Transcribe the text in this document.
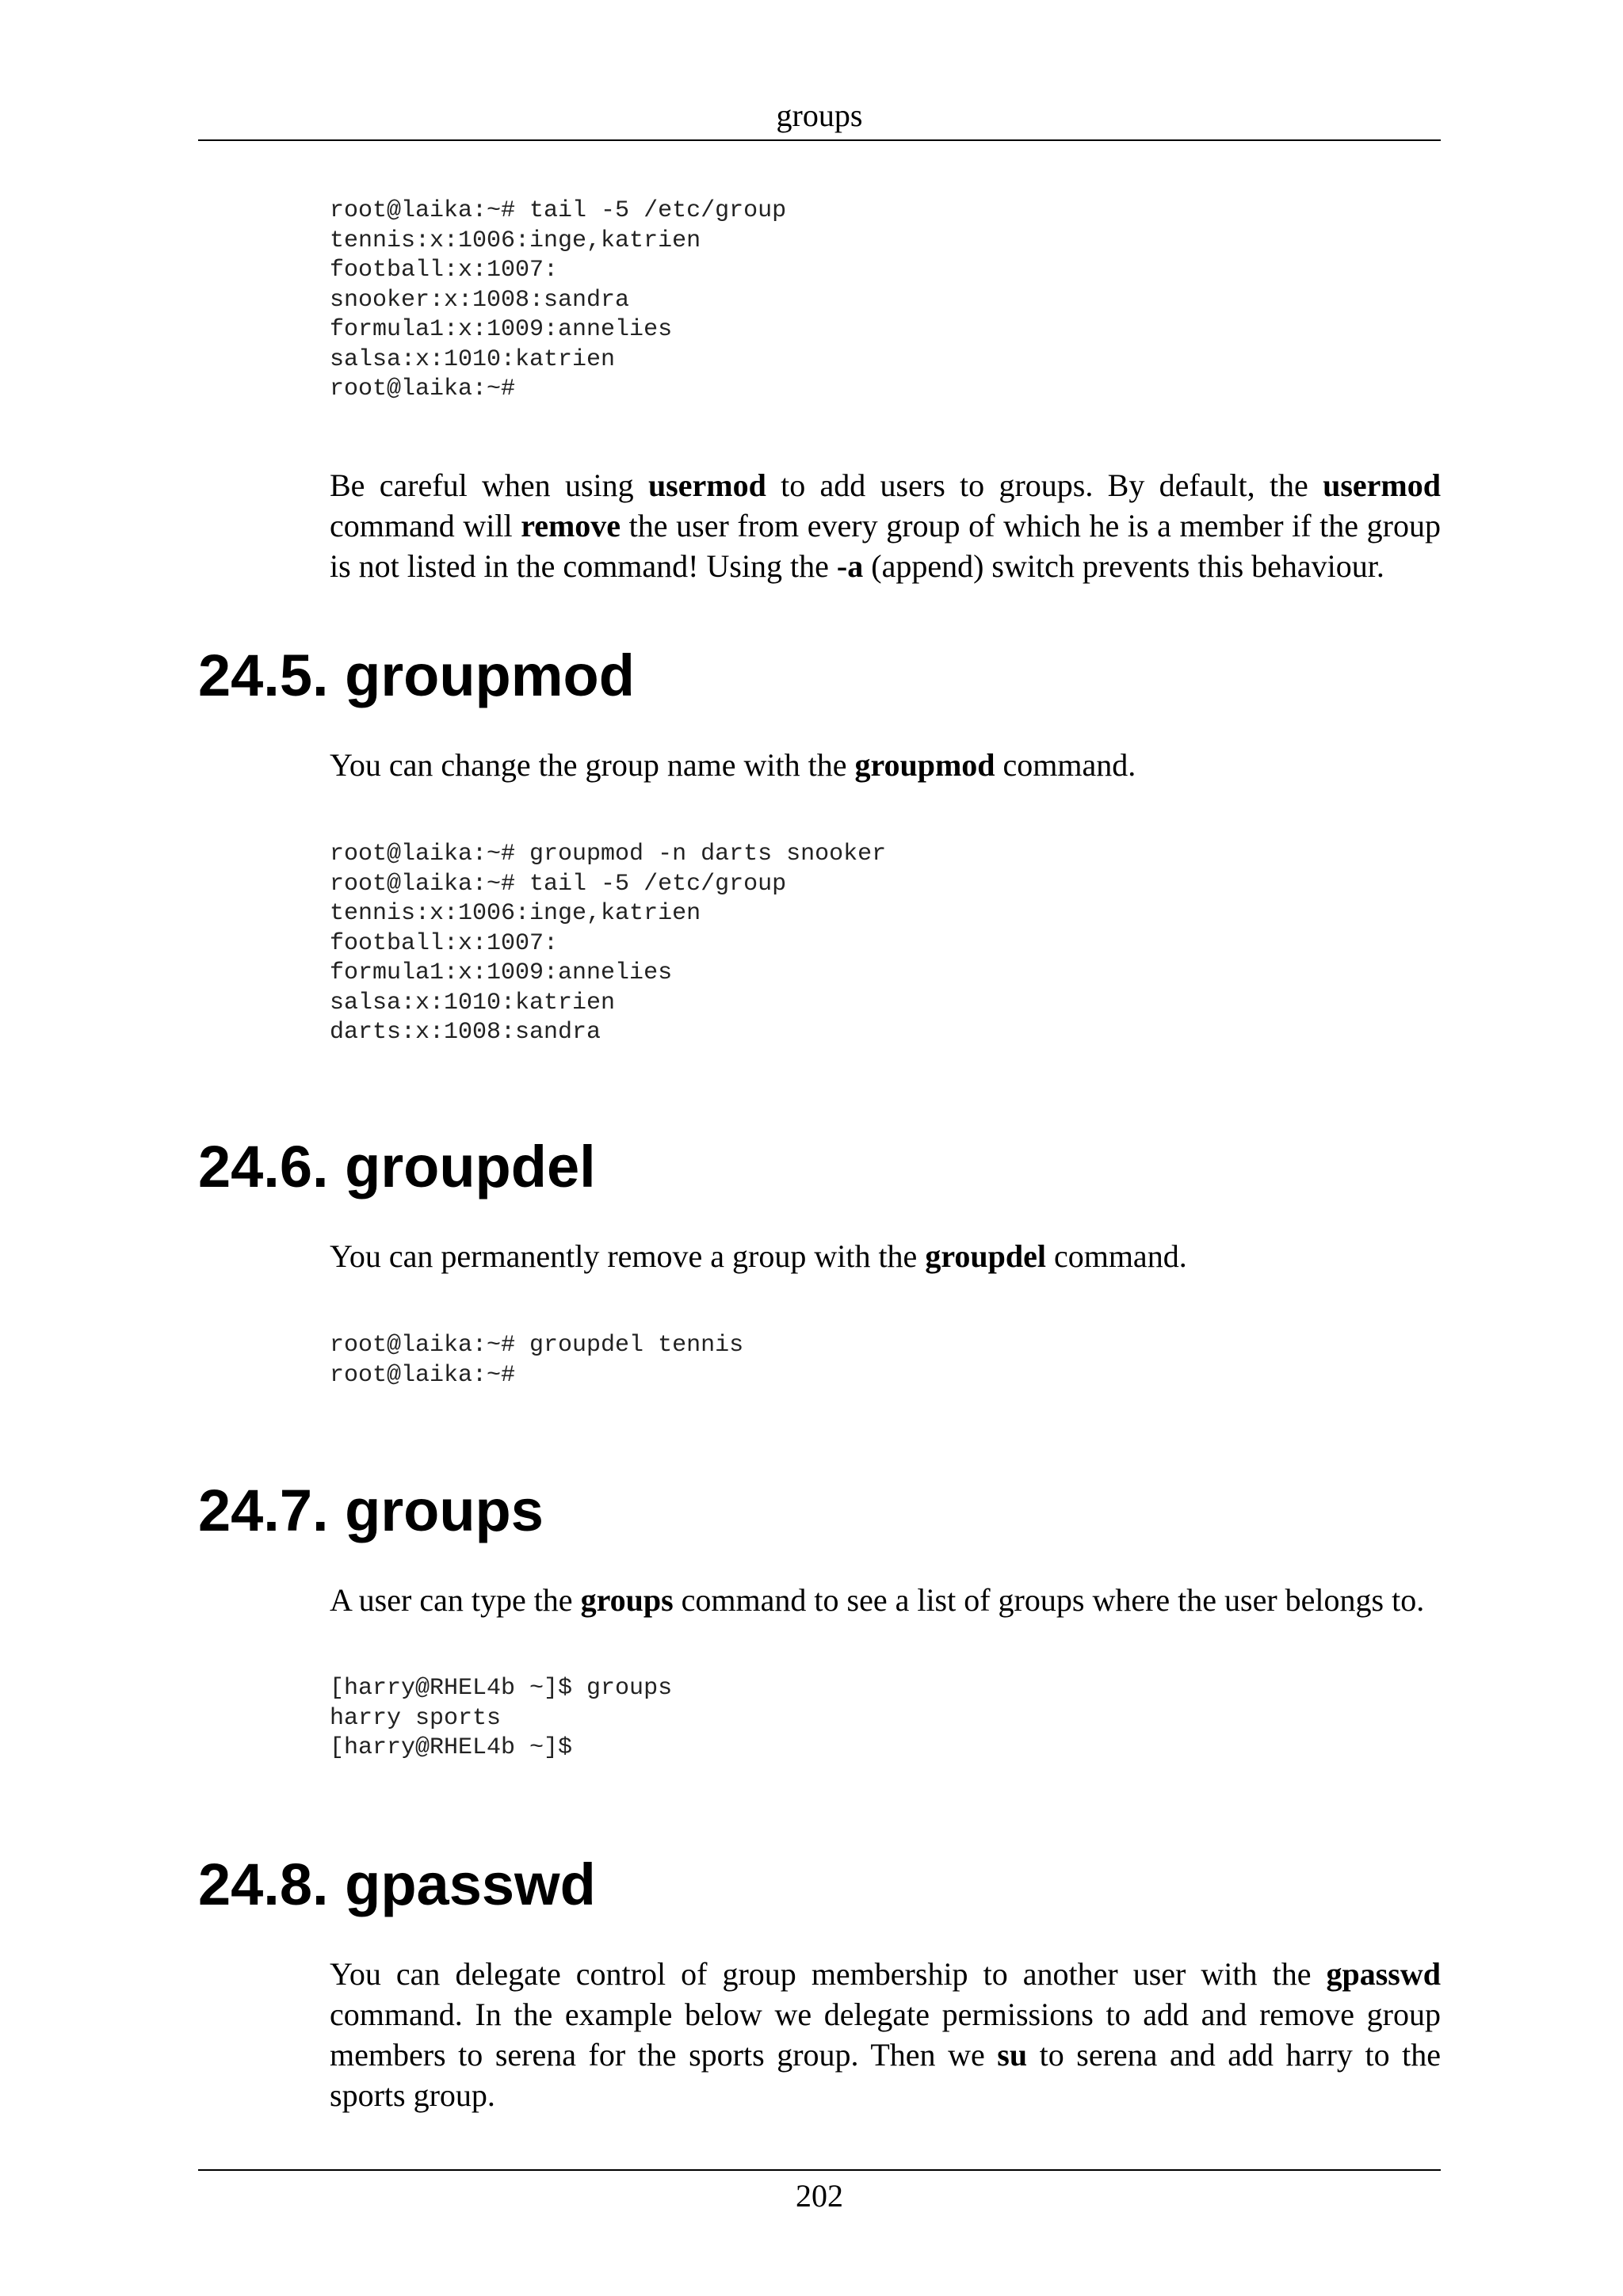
groups
root@laika:~# tail -5 /etc/group
tennis:x:1006:inge,katrien
football:x:1007:
snooker:x:1008:sandra
formula1:x:1009:annelies
salsa:x:1010:katrien
root@laika:~#

Be careful when using usermod to add users to groups. By default, the usermod command will remove the user from every group of which he is a member if the group is not listed in the command! Using the -a (append) switch prevents this behaviour.

24.5. groupmod

You can change the group name with the groupmod command.

root@laika:~# groupmod -n darts snooker
root@laika:~# tail -5 /etc/group
tennis:x:1006:inge,katrien
football:x:1007:
formula1:x:1009:annelies
salsa:x:1010:katrien
darts:x:1008:sandra
24.6. groupdel

You can permanently remove a group with the groupdel command.

root@laika:~# groupdel tennis
root@laika:~#
24.7. groups

A user can type the groups command to see a list of groups where the user belongs to.

[harry@RHEL4b ~]$ groups
harry sports
[harry@RHEL4b ~]$
24.8. gpasswd

You can delegate control of group membership to another user with the gpasswd command. In the example below we delegate permissions to add and remove group members to serena for the sports group. Then we su to serena and add harry to the sports group.

202
